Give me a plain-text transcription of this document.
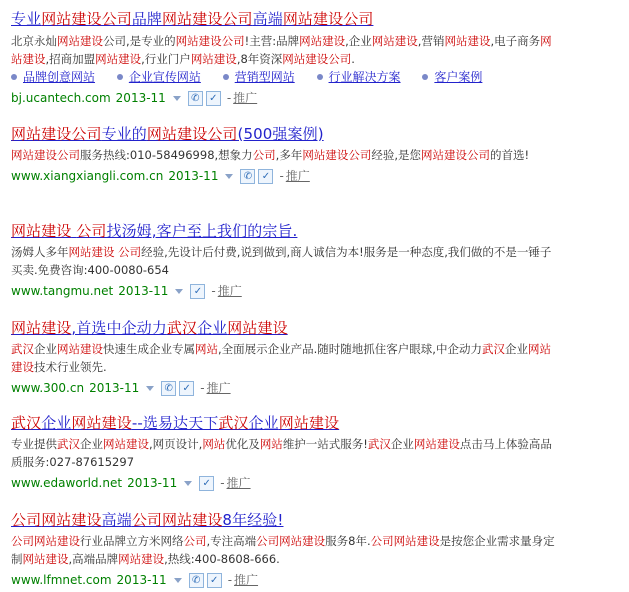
专业网站建设公司品牌网站建设公司高端网站建设公司
北京永灿网站建设公司,是专业的网站建设公司!主营:品牌网站建设,企业网站建设,营销网站建设,电子商务网站建设,招商加盟网站建设,行业门户网站建设,8年资深网站建设公司.
品牌创意网站	企业宣传网站	营销型网站	行业解决方案	客户案例
bj.ucantech.com 2013-11	✆ ✓ - 推广
网站建设公司专业的网站建设公司(500强案例)
网站建设公司服务热线:010-58496998,想象力公司,多年网站建设公司经验,是您网站建设公司的首选!
www.xiangxiangli.com.cn 2013-11	✆ ✓ - 推广
网站建设 公司找汤姆,客户至上我们的宗旨.
汤姆人多年网站建设 公司经验,先设计后付费,说到做到,商人诚信为本!服务是一种态度,我们做的不是一锤子买卖.免费咨询:400-0080-654
www.tangmu.net 2013-11	✓ - 推广
网站建设,首选中企动力武汉企业网站建设
武汉企业网站建设快速生成企业专属网站,全面展示企业产品.随时随地抓住客户眼球,中企动力武汉企业网站建设技术行业领先.
www.300.cn 2013-11	✆ ✓ - 推广
武汉企业网站建设--选易达天下武汉企业网站建设
专业提供武汉企业网站建设,网页设计,网站优化及网站维护一站式服务!武汉企业网站建设点击马上体验高品质服务:027-87615297
www.edaworld.net 2013-11	✓ - 推广
公司网站建设高端公司网站建设8年经验!
公司网站建设行业品牌立方米网络公司,专注高端公司网站建设服务8年.公司网站建设是按您企业需求量身定制网站建设,高端品牌网站建设,热线:400-8608-666.
www.lfmnet.com 2013-11	✆ ✓ - 推广
